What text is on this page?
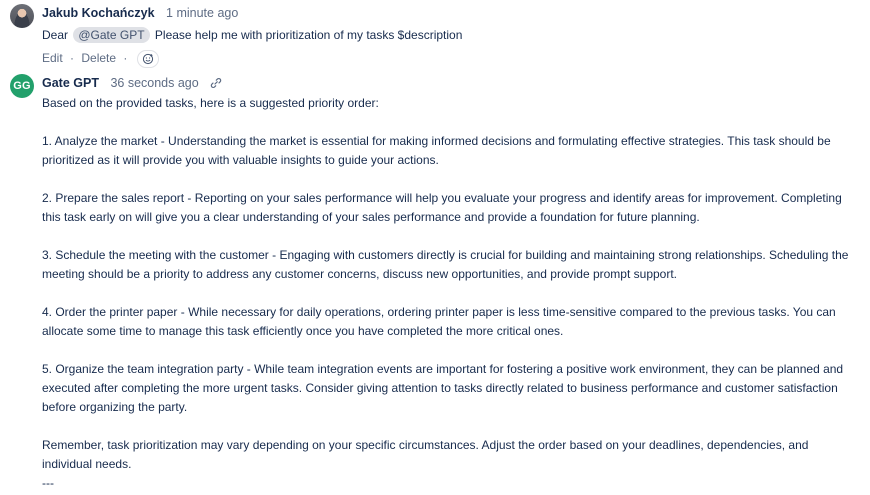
Jakub Kochańczyk 1 minute ago
Dear @Gate GPT Please help me with prioritization of my tasks $description
Edit · Delete ·
GG Gate GPT 36 seconds ago

Based on the provided tasks, here is a suggested priority order:

1. Analyze the market - Understanding the market is essential for making informed decisions and formulating effective strategies. This task should be prioritized as it will provide you with valuable insights to guide your actions.

2. Prepare the sales report - Reporting on your sales performance will help you evaluate your progress and identify areas for improvement. Completing this task early on will give you a clear understanding of your sales performance and provide a foundation for future planning.

3. Schedule the meeting with the customer - Engaging with customers directly is crucial for building and maintaining strong relationships. Scheduling the meeting should be a priority to address any customer concerns, discuss new opportunities, and provide prompt support.

4. Order the printer paper - While necessary for daily operations, ordering printer paper is less time-sensitive compared to the previous tasks. You can allocate some time to manage this task efficiently once you have completed the more critical ones.

5. Organize the team integration party - While team integration events are important for fostering a positive work environment, they can be planned and executed after completing the more urgent tasks. Consider giving attention to tasks directly related to business performance and customer satisfaction before organizing the party.

Remember, task prioritization may vary depending on your specific circumstances. Adjust the order based on your deadlines, dependencies, and individual needs.

---
